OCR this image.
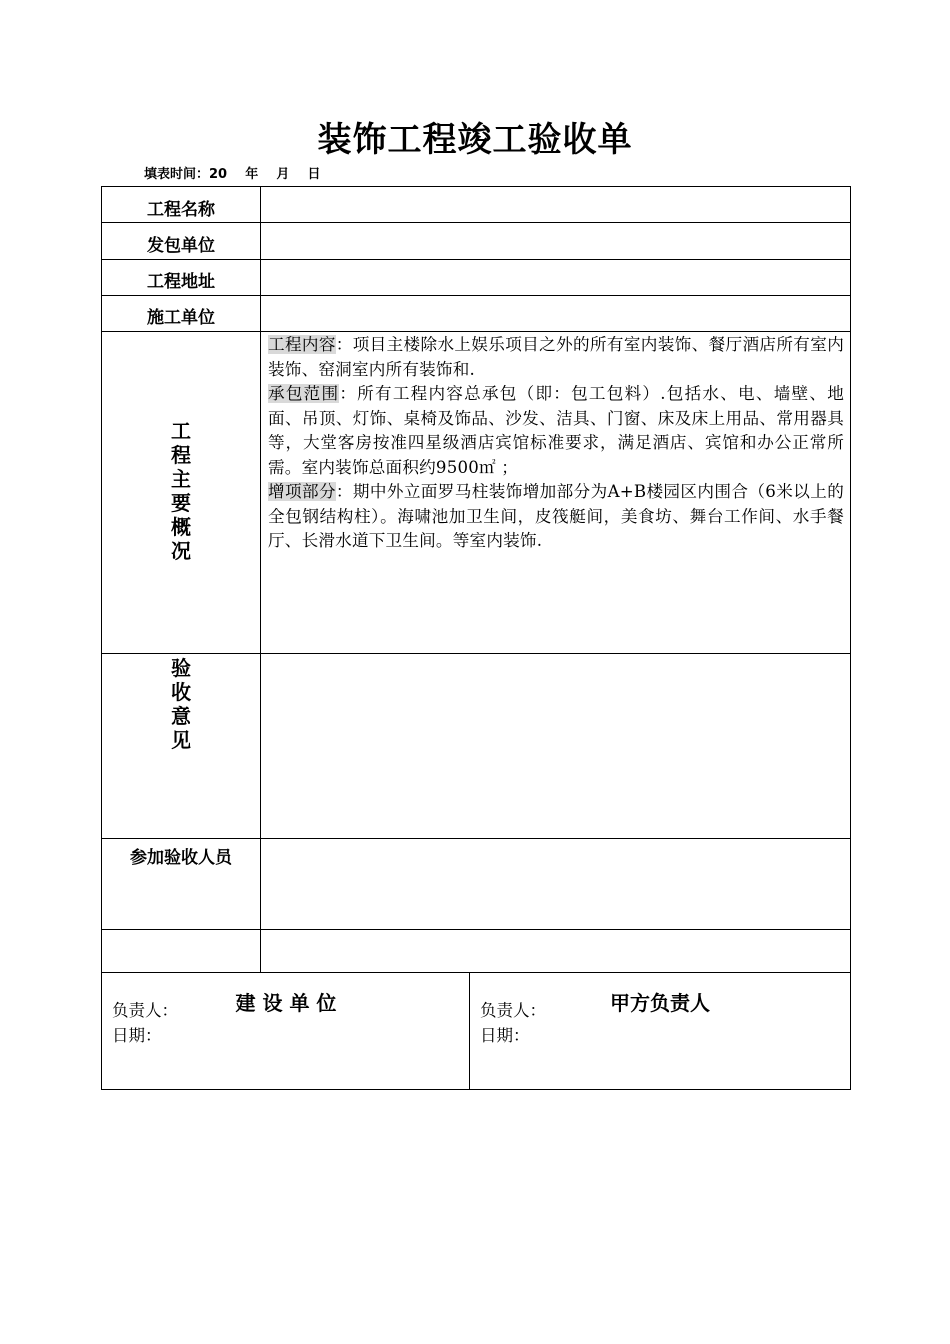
装饰工程竣工验收单
填表时间：20 年 月 日
工程名称
发包单位
工程地址
施工单位
工
程
主
要
概
况
工程内容：项目主楼除水上娱乐项目之外的所有室内装饰、餐厅酒店所有室内装饰、窑洞室内所有装饰和.
承包范围：所有工程内容总承包（即：包工包料）.包括水、电、墙壁、地面、吊顶、灯饰、桌椅及饰品、沙发、洁具、门窗、床及床上用品、常用器具等，大堂客房按准四星级酒店宾馆标准要求，满足酒店、宾馆和办公正常所需。室内装饰总面积约9500㎡ ；
增项部分：期中外立面罗马柱装饰增加部分为A+B楼园区内围合（6米以上的全包钢结构柱）。海啸池加卫生间，皮筏艇间，美食坊、舞台工作间、水手餐厅、长滑水道下卫生间。等室内装饰.
验
收
意
见
参加验收人员
建 设 单 位
负责人：
日期：
甲方负责人
负责人：
日期：
